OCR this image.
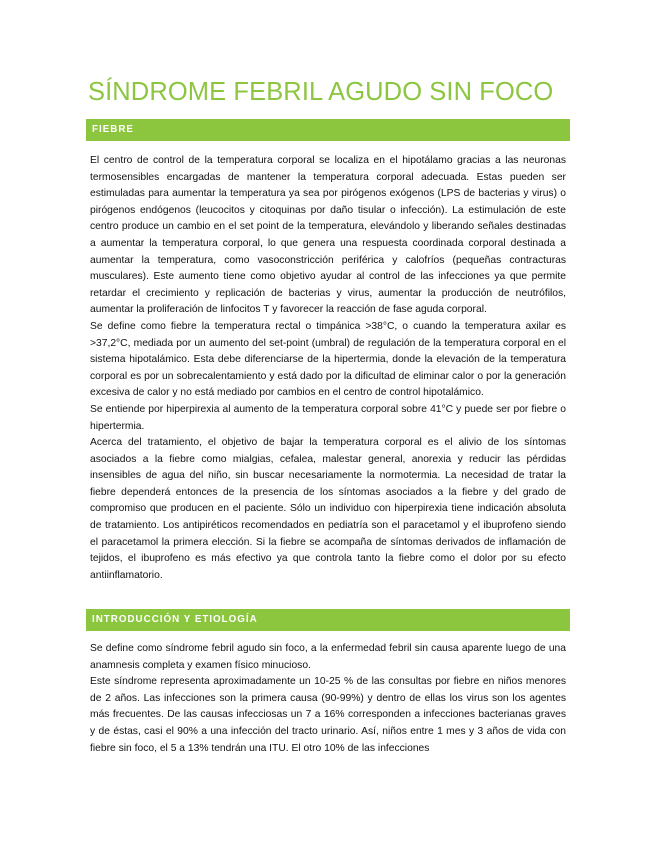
SÍNDROME FEBRIL AGUDO SIN FOCO
FIEBRE

El centro de control de la temperatura corporal se localiza en el hipotálamo gracias a las neuronas termosensibles encargadas de mantener la temperatura corporal adecuada. Estas pueden ser estimuladas para aumentar la temperatura ya sea por pirógenos exógenos (LPS de bacterias y virus) o pirógenos endógenos (leucocitos y citoquinas por daño tisular o infección). La estimulación de este centro produce un cambio en el set point de la temperatura, elevándolo y liberando señales destinadas a aumentar la temperatura corporal, lo que genera una respuesta coordinada corporal destinada a aumentar la temperatura, como vasoconstricción periférica y calofríos (pequeñas contracturas musculares). Este aumento tiene como objetivo ayudar al control de las infecciones ya que permite retardar el crecimiento y replicación de bacterias y virus, aumentar la producción de neutrófilos, aumentar la proliferación de linfocitos T y favorecer la reacción de fase aguda corporal.

Se define como fiebre la temperatura rectal o timpánica >38°C, o cuando la temperatura axilar es >37,2°C, mediada por un aumento del set-point (umbral) de regulación de la temperatura corporal en el sistema hipotalámico. Esta debe diferenciarse de la hipertermia, donde la elevación de la temperatura corporal es por un sobrecalentamiento y está dado por la dificultad de eliminar calor o por la generación excesiva de calor y no está mediado por cambios en el centro de control hipotalámico.

Se entiende por hiperpirexia al aumento de la temperatura corporal sobre 41°C y puede ser por fiebre o hipertermia.

Acerca del tratamiento, el objetivo de bajar la temperatura corporal es el alivio de los síntomas asociados a la fiebre como mialgias, cefalea, malestar general, anorexia y reducir las pérdidas insensibles de agua del niño, sin buscar necesariamente la normotermia. La necesidad de tratar la fiebre dependerá entonces de la presencia de los síntomas asociados a la fiebre y del grado de compromiso que producen en el paciente. Sólo un individuo con hiperpirexia tiene indicación absoluta de tratamiento. Los antipiréticos recomendados en pediatría son el paracetamol y el ibuprofeno siendo el paracetamol la primera elección. Si la fiebre se acompaña de síntomas derivados de inflamación de tejidos, el ibuprofeno es más efectivo ya que controla tanto la fiebre como el dolor por su efecto antiinflamatorio.

INTRODUCCIÓN Y ETIOLOGÍA

Se define como síndrome febril agudo sin foco, a la enfermedad febril sin causa aparente luego de una anamnesis completa y examen físico minucioso.

Este síndrome representa aproximadamente un 10-25 % de las consultas por fiebre en niños menores de 2 años. Las infecciones son la primera causa (90-99%) y dentro de ellas los virus son los agentes más frecuentes. De las causas infecciosas un 7 a 16% corresponden a infecciones bacterianas graves y de éstas, casi el 90% a una infección del tracto urinario. Así, niños entre 1 mes y 3 años de vida con fiebre sin foco, el 5 a 13% tendrán una ITU. El otro 10% de las infecciones
